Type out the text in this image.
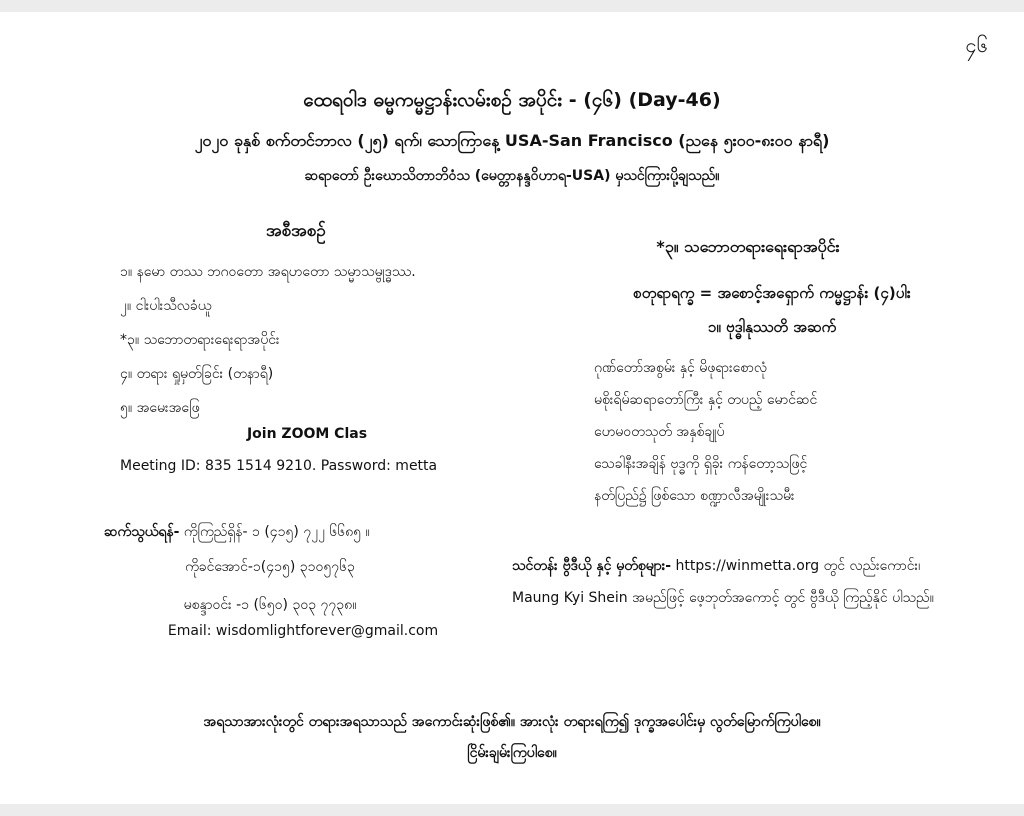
၄၆
ထေရဝါဒ ဓမ္မကမ္မဋ္ဌာန်းလမ်းစဉ် အပိုင်း - (၄၆) (Day-46)
၂၀၂၀ ခုနှစ် စက်တင်ဘာလ (၂၅) ရက်၊ သောကြာနေ့ USA-San Francisco (ညနေ ၅း၀၀-၈း၀၀ နာရီ)
ဆရာတော် ဦးဃောသိတာဘိဝံသ (မေတ္တာနန္ဒဝိဟာရ-USA) မှသင်ကြားပို့ချသည်။
အစီအစဉ်
၁။ နမော တဿ ဘဂဝတော အရဟတော သမ္မာသမ္ဗုဒ္ဓဿ.
၂။ ငါးပါးသီလခံယူ
*၃။ သဘောတရားရေးရာအပိုင်း
၄။ တရား ရှုမှတ်ခြင်း (တနာရီ)
၅။ အမေးအဖြေ
Join ZOOM Clas
Meeting ID: 835 1514 9210. Password: metta
ဆက်သွယ်ရန်- ကိုကြည်ရှိန်- ၁ (၄၁၅) ၇၂၂ ၆၆၈၅ ။
ကိုခင်အောင်-၁(၄၁၅) ၃၁၀၅၇၆၃
မစန္ဒာဝင်း -၁ (၆၅၀) ၃၀၃ ၇၇၃၈။
Email: wisdomlightforever@gmail.com
*၃။ သဘောတရားရေးရာအပိုင်း
စတုရာရက္ခ = အစောင့်အရှောက် ကမ္မဋ္ဌာန်း (၄)ပါး
၁။ ဗုဒ္ဓါနုဿတိ အဆက်
ဂုဏ်တော်အစွမ်း နှင့် မိဖုရားစောလုံ
မစိုးရိမ်ဆရာတော်ကြီး နှင့် တပည့် မောင်ဆင်
ဟေမဝတသုတ် အနှစ်ချုပ်
သေခါနီးအချိန် ဗုဒ္ဓကို ရှိခိုး ကန်တော့သဖြင့်
နတ်ပြည်၌ ဖြစ်သော စဏ္ဍာလီအမျိုးသမီး
သင်တန်း ဗွီဒီယို နှင့် မှတ်စုများ- https://winmetta.org တွင် လည်းကောင်း၊ Maung Kyi Shein အမည်ဖြင့် ဖေ့ဘုတ်အကောင့် တွင် ဗွီဒီယို ကြည့်နိုင် ပါသည်။
အရသာအားလုံးတွင် တရားအရသာသည် အကောင်းဆုံးဖြစ်၏။ အားလုံး တရားရကြ၍ ဒုက္ခအပေါင်းမှ လွတ်မြောက်ကြပါစေ။
ငြိမ်းချမ်းကြပါစေ။
